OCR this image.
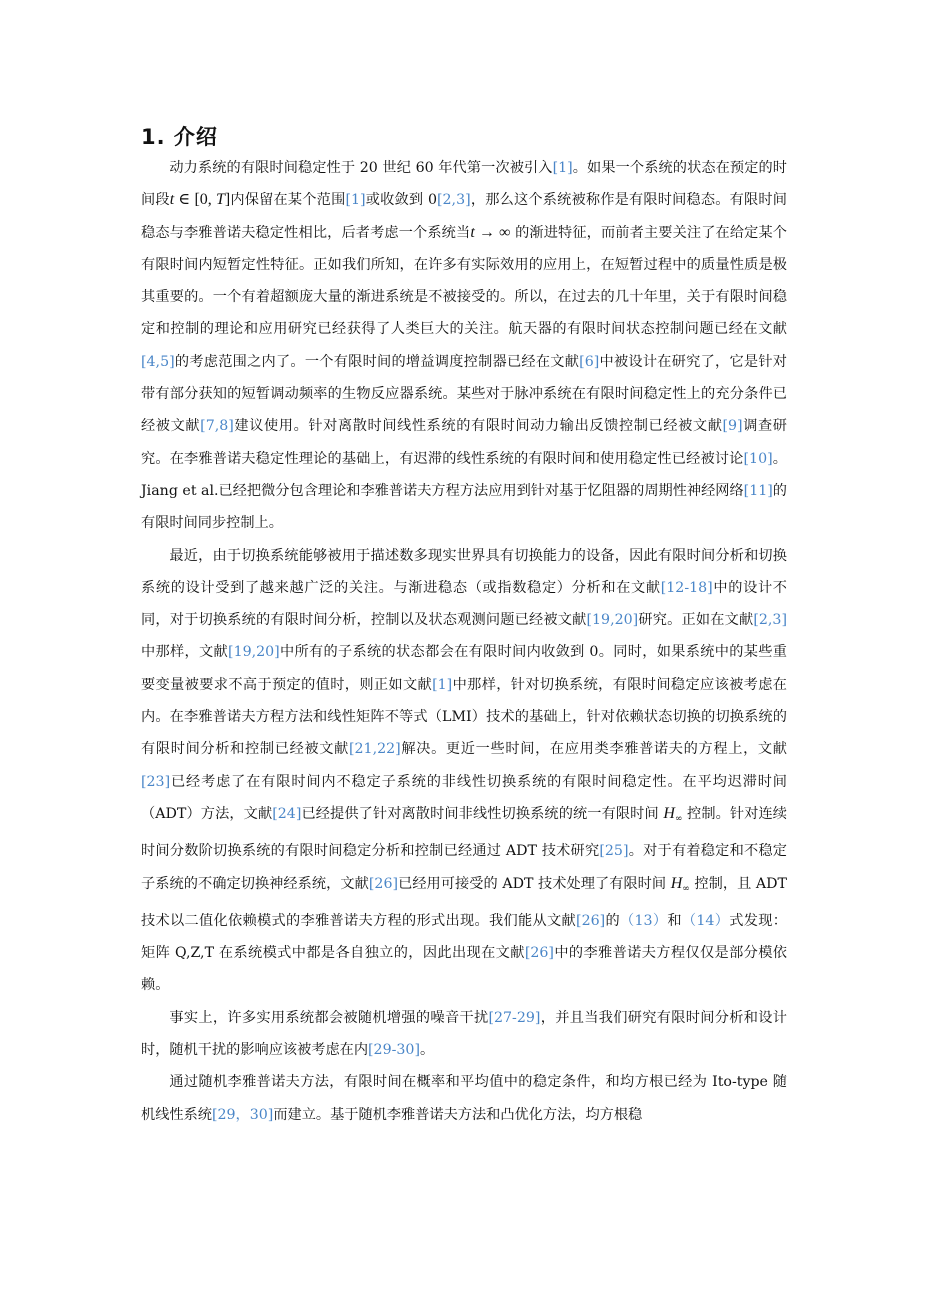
1. 介绍

动力系统的有限时间稳定性于 20 世纪 60 年代第一次被引入[1]。如果一个系统的状态在预定的时间段t ∈ [0, T]内保留在某个范围[1]或收敛到 0[2,3]，那么这个系统被称作是有限时间稳态。有限时间稳态与李雅普诺夫稳定性相比，后者考虑一个系统当t → ∞ 的渐进特征，而前者主要关注了在给定某个有限时间内短暂定性特征。正如我们所知，在许多有实际效用的应用上，在短暂过程中的质量性质是极其重要的。一个有着超额庞大量的渐进系统是不被接受的。所以，在过去的几十年里，关于有限时间稳定和控制的理论和应用研究已经获得了人类巨大的关注。航天器的有限时间状态控制问题已经在文献[4,5]的考虑范围之内了。一个有限时间的增益调度控制器已经在文献[6]中被设计在研究了，它是针对带有部分获知的短暂调动频率的生物反应器系统。某些对于脉冲系统在有限时间稳定性上的充分条件已经被文献[7,8]建议使用。针对离散时间线性系统的有限时间动力输出反馈控制已经被文献[9]调查研究。在李雅普诺夫稳定性理论的基础上，有迟滞的线性系统的有限时间和使用稳定性已经被讨论[10]。Jiang et al.已经把微分包含理论和李雅普诺夫方程方法应用到针对基于忆阻器的周期性神经网络[11]的有限时间同步控制上。

最近，由于切换系统能够被用于描述数多现实世界具有切换能力的设备，因此有限时间分析和切换系统的设计受到了越来越广泛的关注。与渐进稳态（或指数稳定）分析和在文献[12-18]中的设计不同，对于切换系统的有限时间分析，控制以及状态观测问题已经被文献[19,20]研究。正如在文献[2,3]中那样，文献[19,20]中所有的子系统的状态都会在有限时间内收敛到 0。同时，如果系统中的某些重要变量被要求不高于预定的值时，则正如文献[1]中那样，针对切换系统，有限时间稳定应该被考虑在内。在李雅普诺夫方程方法和线性矩阵不等式（LMI）技术的基础上，针对依赖状态切换的切换系统的有限时间分析和控制已经被文献[21,22]解决。更近一些时间，在应用类李雅普诺夫的方程上，文献[23]已经考虑了在有限时间内不稳定子系统的非线性切换系统的有限时间稳定性。在平均迟滞时间（ADT）方法，文献[24]已经提供了针对离散时间非线性切换系统的统一有限时间 $H_\infty$ 控制。针对连续时间分数阶切换系统的有限时间稳定分析和控制已经通过 ADT 技术研究[25]。对于有着稳定和不稳定子系统的不确定切换神经系统，文献[26]已经用可接受的 ADT 技术处理了有限时间 $H_\infty$ 控制，且 ADT 技术以二值化依赖模式的李雅普诺夫方程的形式出现。我们能从文献[26]的（13）和（14）式发现：矩阵 Q,Z,T 在系统模式中都是各自独立的，因此出现在文献[26]中的李雅普诺夫方程仅仅是部分模依赖。

事实上，许多实用系统都会被随机增强的噪音干扰[27-29]，并且当我们研究有限时间分析和设计时，随机干扰的影响应该被考虑在内[29-30]。

通过随机李雅普诺夫方法，有限时间在概率和平均值中的稳定条件，和均方根已经为 Ito-type 随机线性系统[29，30]而建立。基于随机李雅普诺夫方法和凸优化方法，均方根稳
